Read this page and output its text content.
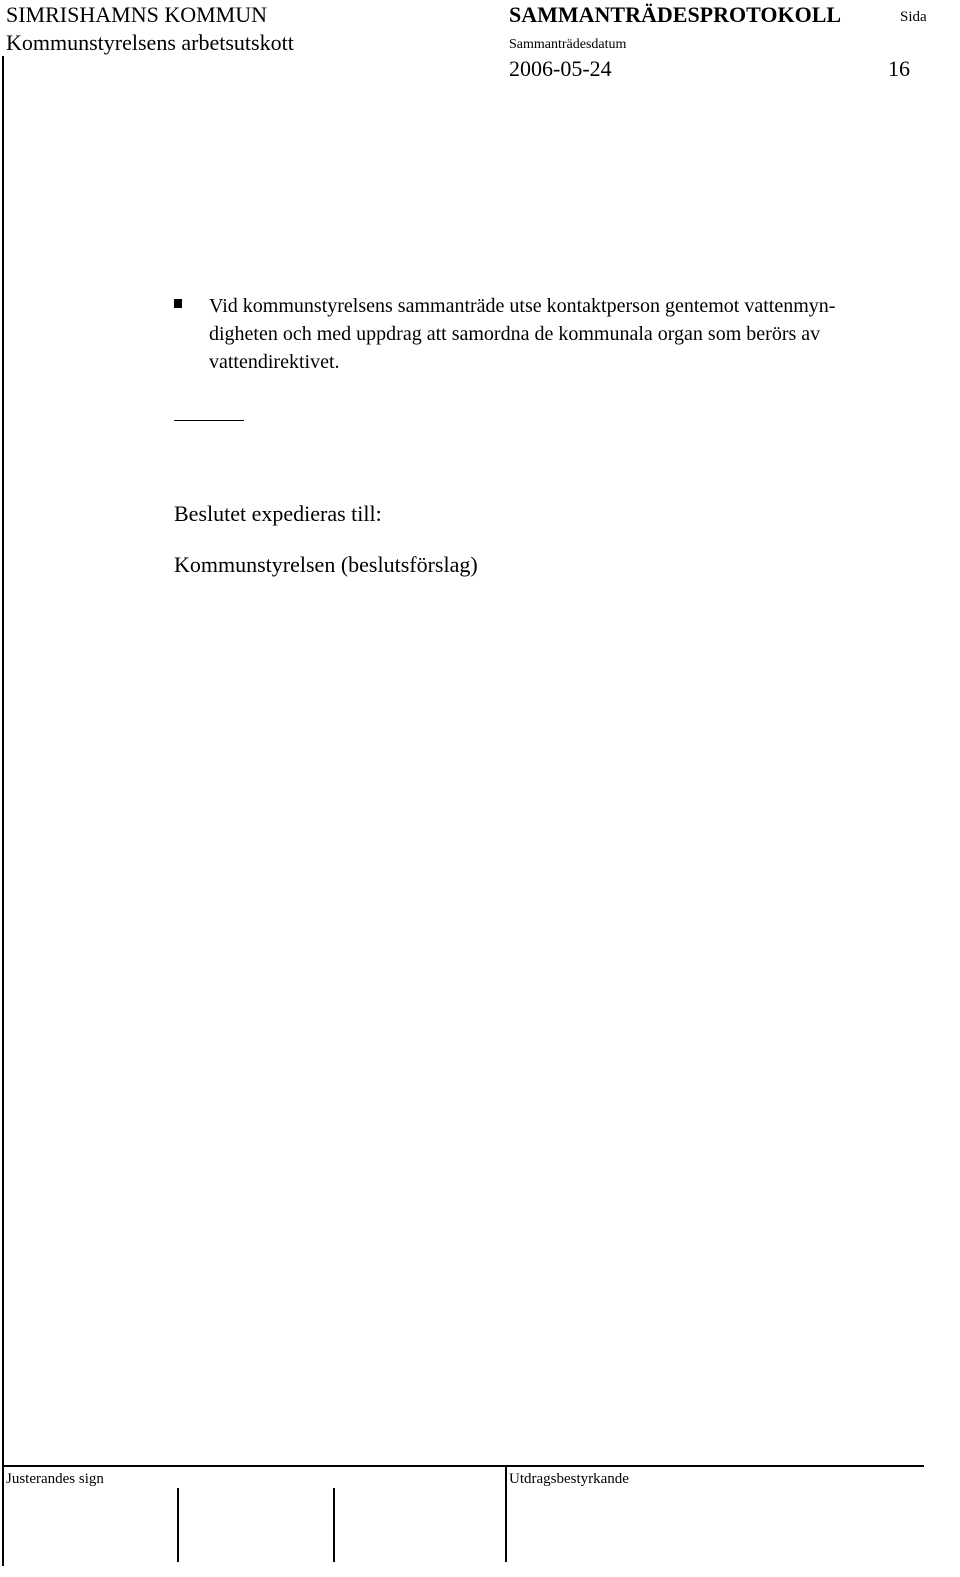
SIMRISHAMNS KOMMUN
Kommunstyrelsens arbetsutskott
SAMMANTRÄDESPROTOKOLL	Sida
Sammanträdesdatum
2006-05-24	16
Vid kommunstyrelsens sammanträde utse kontaktperson gentemot vattenmyn-
digheten och med uppdrag att samordna de kommunala organ som berörs av
vattendirektivet.
Beslutet expedieras till:
Kommunstyrelsen (beslutsförslag)
Justerandes sign	Utdragsbestyrkande
